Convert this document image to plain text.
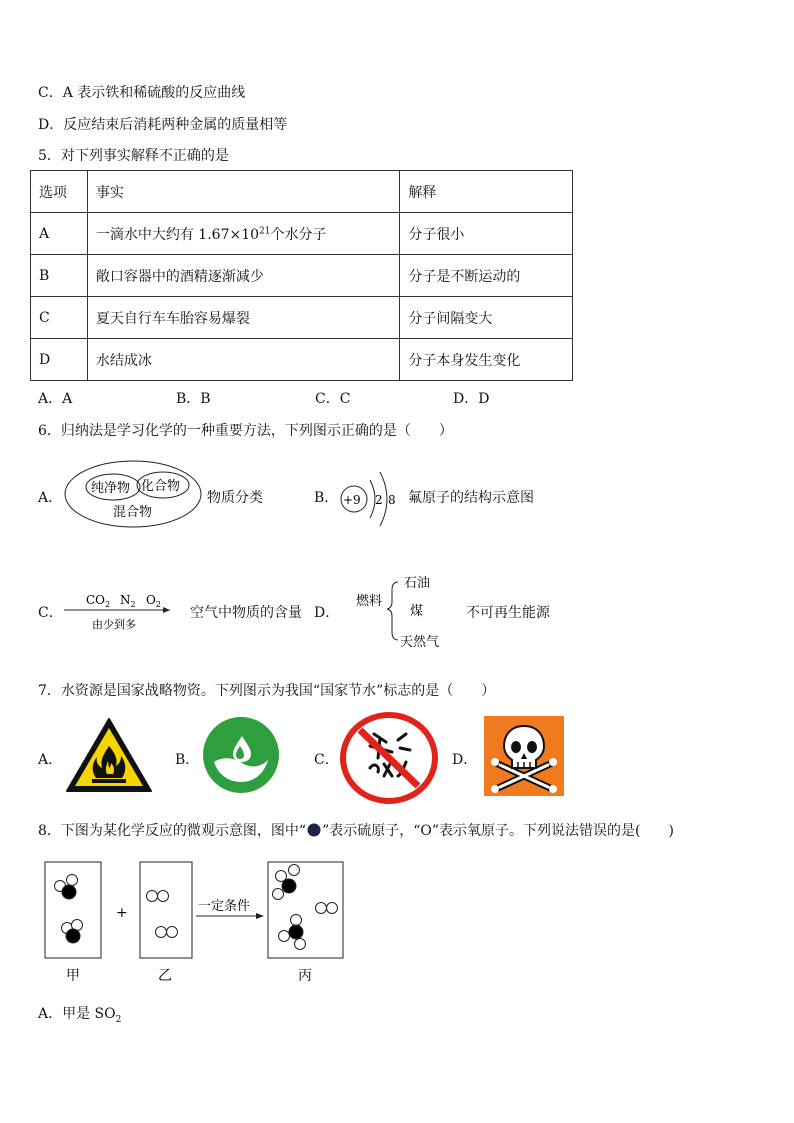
C．A 表示铁和稀硫酸的反应曲线
D．反应结束后消耗两种金属的质量相等
5．对下列事实解释不正确的是
选项	事实	解释
A	一滴水中大约有 $1.67\times 10^{21}$个水分子	分子很小
B	敞口容器中的酒精逐渐减少	分子是不断运动的
C	夏天自行车车胎容易爆裂	分子间隔变大
D	水结成冰	分子本身发生变化
A．A	B．B	C．C	D．D
6．归纳法是学习化学的一种重要方法，下列图示正确的是（　　）
A．
纯净物 化合物
混合物
物质分类	B． +9 2 8 氟原子的结构示意图
C．
$CO_2$ $N_2$ $O_2$
由少到多
空气中物质的含量 D．
燃料
石油
煤
天然气
不可再生能源
7．水资源是国家战略物资。下列图示为我国“国家节水”标志的是（　　）
A．	B．	C．	D．
8．下图为某化学反应的微观示意图，图中“ ”表示硫原子，“O”表示氧原子。下列说法错误的是(　　)
+	一定条件
甲	乙	丙
A．甲是 $SO_2$
